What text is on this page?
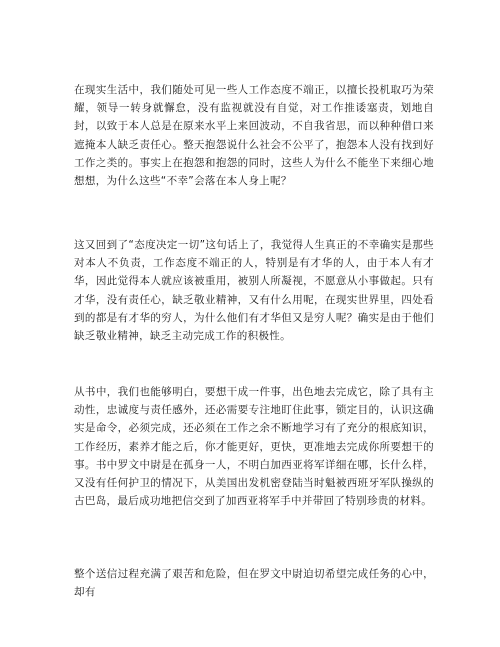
在现实生活中，我们随处可见一些人工作态度不端正，以擅长投机取巧为荣耀，领导一转身就懈怠，没有监视就没有自觉，对工作推诿塞责，划地自封，以致于本人总是在原来水平上来回波动，不自我省思，而以种种借口来遮掩本人缺乏责任心。整天抱怨说什么社会不公平了，抱怨本人没有找到好工作之类的。事实上在抱怨和抱怨的同时，这些人为什么不能坐下来细心地想想，为什么这些“不幸”会落在本人身上呢？

这又回到了“态度决定一切”这句话上了，我觉得人生真正的不幸确实是那些对本人不负责，工作态度不端正的人，特别是有才华的人，由于本人有才华，因此觉得本人就应该被重用，被别人所凝视，不愿意从小事做起。只有才华，没有责任心，缺乏敬业精神，又有什么用呢，在现实世界里，四处看到的都是有才华的穷人，为什么他们有才华但又是穷人呢？确实是由于他们缺乏敬业精神，缺乏主动完成工作的积极性。

从书中，我们也能够明白，要想干成一件事，出色地去完成它，除了具有主动性，忠诚度与责任感外，还必需要专注地盯住此事，锁定目的，认识这确实是命令，必须完成，还必须在工作之余不断地学习有了充分的根底知识，工作经历，素养才能之后，你才能更好，更快，更准地去完成你所要想干的事。书中罗文中尉是在孤身一人，不明白加西亚将军详细在哪，长什么样，又没有任何护卫的情况下，从美国出发机密登陆当时魁被西班牙军队操纵的古巴岛，最后成功地把信交到了加西亚将军手中并带回了特别珍贵的材料。

整个送信过程充满了艰苦和危险，但在罗文中尉迫切希望完成任务的心中，却有
